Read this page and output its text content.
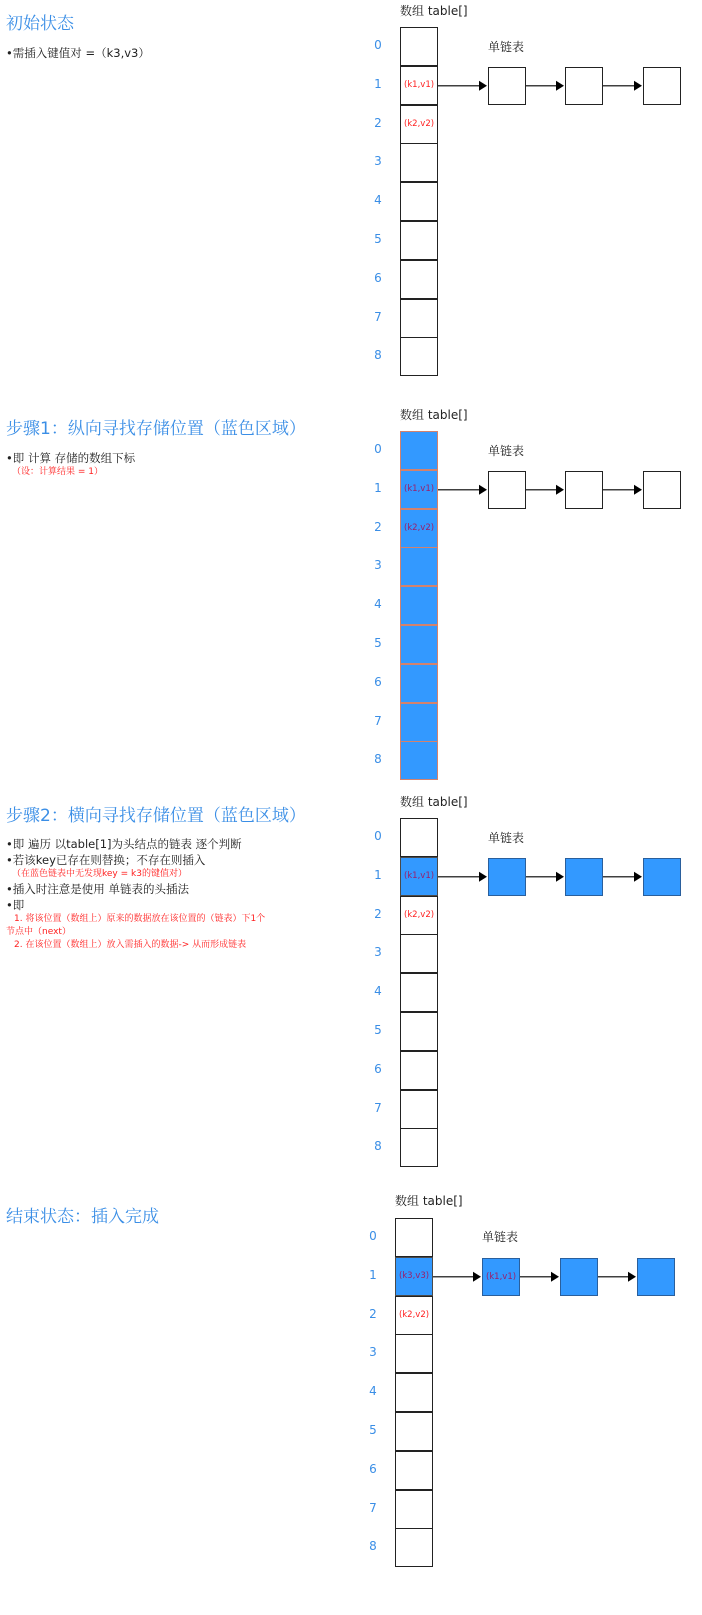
初始状态
• 需插入键值对 =（k3,v3）
数组 table[]
单链表
0
1	(k1,v1)
2	(k2,v2)
3
4
5
6
7
8
步骤1：纵向寻找存储位置（蓝色区域）
• 即 计算 存储的数组下标
（设：计算结果 = 1）
数组 table[]
单链表
0
1	(k1,v1)
2	(k2,v2)
3
4
5
6
7
8
步骤2：横向寻找存储位置（蓝色区域）
• 即 遍历 以table[1]为头结点的链表 逐个判断
• 若该key已存在则替换；不存在则插入
（在蓝色链表中无发现key = k3的键值对）
• 插入时注意是使用 单链表的头插法
• 即
1. 将该位置（数组上）原来的数据放在该位置的（链表）下1个
节点中（next）
2. 在该位置（数组上）放入需插入的数据-> 从而形成链表
数组 table[]
单链表
0
1	(k1,v1)
2	(k2,v2)
3
4
5
6
7
8
结束状态：插入完成
数组 table[]
单链表
0
1	(k3,v3)
2	(k2,v2)
3
4
5
6
7
8
(k1,v1)
